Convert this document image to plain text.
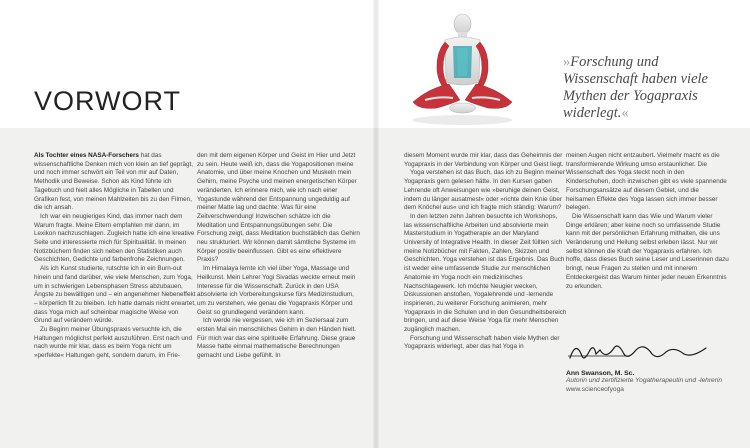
VORWORT
»Forschung und Wissenschaft haben viele Mythen der Yogapraxis widerlegt.«

Als Tochter eines NASA-Forschers hat das wissenschaftliche Denken mich von klein an tief geprägt, und noch immer schwört ein Teil von mir auf Daten, Methodik und Beweise. Schon als Kind führte ich Tagebuch und hielt alles Mögliche in Tabellen und Grafiken fest, von meinen Mahlzeiten bis zu den Filmen, die ich ansah.

Ich war ein neugieriges Kind, das immer nach dem Warum fragte. Meine Eltern empfahlen mir dann, im Lexikon nachzuschlagen. Zugleich hatte ich eine kreative Seite und interessierte mich für Spiritualität. In meinen Notizbüchern finden sich neben den Statistiken auch Geschichten, Gedichte und farbenfrohe Zeichnungen.

Als ich Kunst studierte, rutschte ich in ein Burn-out hinein und fand darüber, wie viele Menschen, zum Yoga, um in schwierigen Lebensphasen Stress abzubauen, Ängste zu bewältigen und – ein angenehmer Nebeneffekt – körperlich fit zu bleiben. Ich hatte damals nicht erwartet, dass Yoga mich auf scheinbar magische Weise von Grund auf verändern würde.

Zu Beginn meiner Übungspraxis versuchte ich, die Haltungen möglichst perfekt auszuführen. Erst nach und nach wurde mir klar, dass es beim Yoga nicht um »perfekte« Haltungen geht, sondern darum, im Frie-

den mit dem eigenen Körper und Geist im Hier und Jetzt zu sein. Heute weiß ich, dass die Yogapositionen meine Anatomie, und über meine Knochen und Muskeln mein Gehirn, meine Psyche und meinen energetischen Körper veränderten. Ich erinnere mich, wie ich nach einer Yogastunde während der Entspannung ungeduldig auf meiner Matte lag und dachte: Was für eine Zeitverschwendung! Inzwischen schätze ich die Meditation und Entspannungsübungen sehr. Die Forschung zeigt, dass Meditation buchstäblich das Gehirn neu strukturiert. Wir können damit sämtliche Systeme im Körper positiv beeinflussen. Gibt es eine effektivere Praxis?

Im Himalaya lernte ich viel über Yoga, Massage und Heilkunst. Mein Lehrer Yogi Sivadas weckte erneut mein Interesse für die Wissenschaft. Zurück in den USA absolvierte ich Vorbereitungskurse fürs Medizinstudium, um zu verstehen, wie genau die Yogapraxis Körper und Geist so grundlegend verändern kann.

Ich werde nie vergessen, wie ich im Seziersaal zum ersten Mal ein menschliches Gehirn in den Händen hielt. Für mich war das eine spirituelle Erfahrung. Diese graue Masse hatte einmal mathematische Berechnungen gemacht und Liebe gefühlt. In

diesem Moment wurde mir klar, dass das Geheimnis der Yogapraxis in der Verbindung von Körper und Geist liegt.

Yoga verstehen ist das Buch, das ich zu Beginn meiner Yogapraxis gern gelesen hätte. In den Kursen gaben Lehrende oft Anweisungen wie »beruhige deinen Geist, indem du länger ausatmest« oder »richte dein Knie über dem Knöchel aus« und ich fragte mich ständig: Warum?

In den letzten zehn Jahren besuchte ich Workshops, las wissenschaftliche Arbeiten und absolvierte mein Masterstudium in Yogatherapie an der Maryland University of Integrative Health. In dieser Zeit füllten sich meine Notizbücher mit Fakten, Zahlen, Skizzen und Geschichten. Yoga verstehen ist das Ergebnis. Das Buch ist weder eine umfassende Studie zur menschlichen Anatomie im Yoga noch ein medizinisches Nachschlagewerk. Ich möchte Neugier wecken, Diskussionen anstoßen, Yogalehrende und -lernende inspirieren, zu weiterer Forschung animieren, mehr Yogapraxis in die Schulen und in den Gesundheitsbereich bringen, und auf diese Weise Yoga für mehr Menschen zugänglich machen.

Forschung und Wissenschaft haben viele Mythen der Yogapraxis widerlegt, aber das hat Yoga in

meinen Augen nicht entzaubert. Vielmehr macht es die transformierende Wirkung umso erstaunlicher. Die Wissenschaft des Yoga steckt noch in den Kinderschuhen, doch inzwischen gibt es viele spannende Forschungsansätze auf diesem Gebiet, und die heilsamen Effekte des Yoga lassen sich immer besser belegen.

Die Wissenschaft kann das Wie und Warum vieler Dinge erklären; aber keine noch so umfassende Studie kann mit der persönlichen Erfahrung mithalten, die uns Veränderung und Heilung selbst erleben lässt. Nur wir selbst können die Kraft der Yogapraxis erfahren. Ich hoffe, dass dieses Buch seine Leser und Leserinnen dazu bringt, neue Fragen zu stellen und mit innerem Entdeckergeist das Warum hinter jeder neuen Erkenntnis zu erkunden.

Ann Swanson, M. Sc.
Autorin und zertifizierte Yogatherapeutin und -lehrerin
www.scienceofyoga
